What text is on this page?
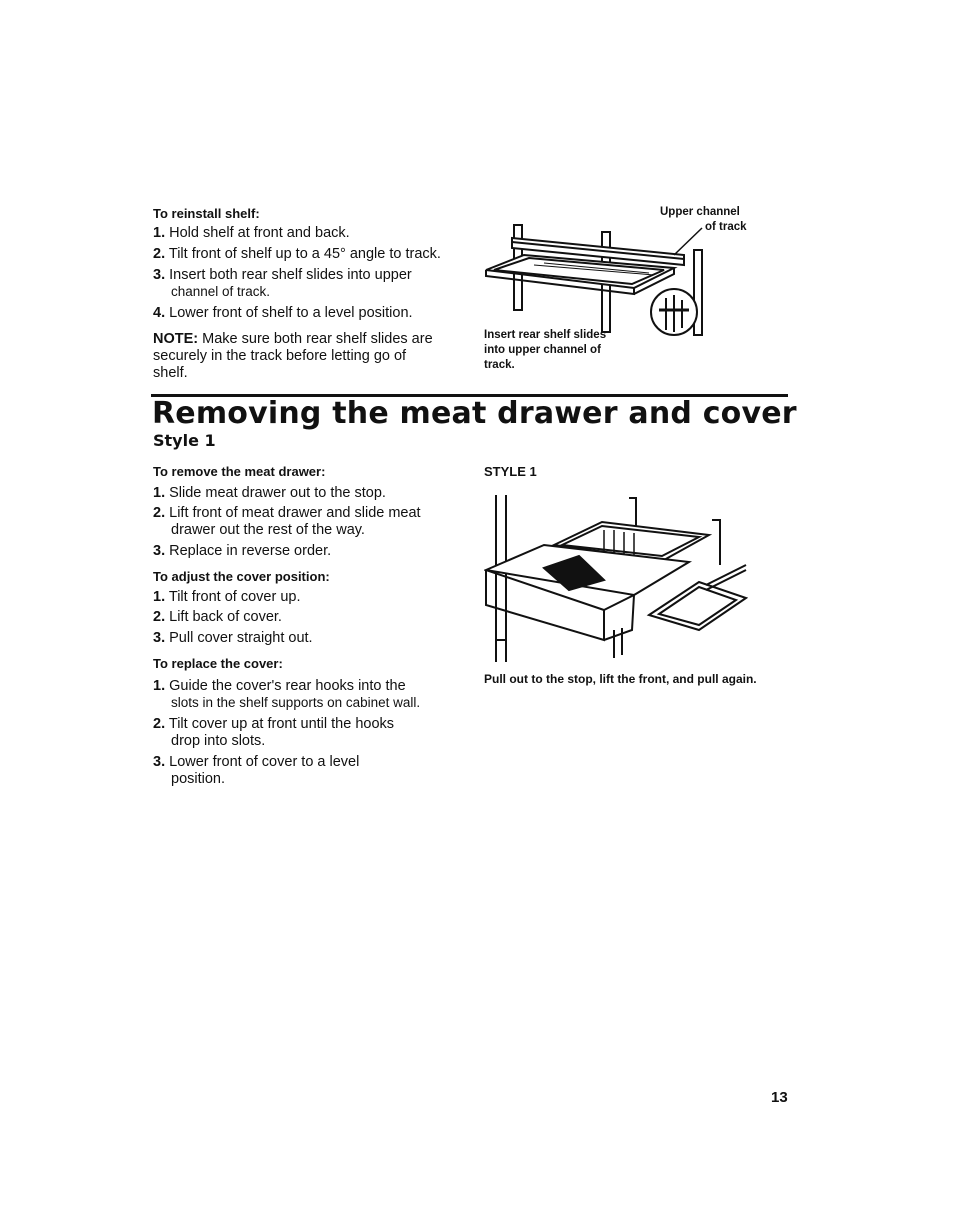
To reinstall shelf:
1. Hold shelf at front and back.
2. Tilt front of shelf up to a 45° angle to track.
3. Insert both rear shelf slides into upper
channel of track.
4. Lower front of shelf to a level position.
NOTE: Make sure both rear shelf slides are
securely in the track before letting go of
shelf.
Upper channel
of track
Insert rear shelf slides
into upper channel of
track.
Removing the meat drawer and cover
Style 1
To remove the meat drawer:
1. Slide meat drawer out to the stop.
2. Lift front of meat drawer and slide meat
drawer out the rest of the way.
3. Replace in reverse order.
To adjust the cover position:
1. Tilt front of cover up.
2. Lift back of cover.
3. Pull cover straight out.
To replace the cover:
1. Guide the cover's rear hooks into the
slots in the shelf supports on cabinet wall.
2. Tilt cover up at front until the hooks
drop into slots.
3. Lower front of cover to a level
position.
STYLE 1
Pull out to the stop, lift the front, and pull again.
13
